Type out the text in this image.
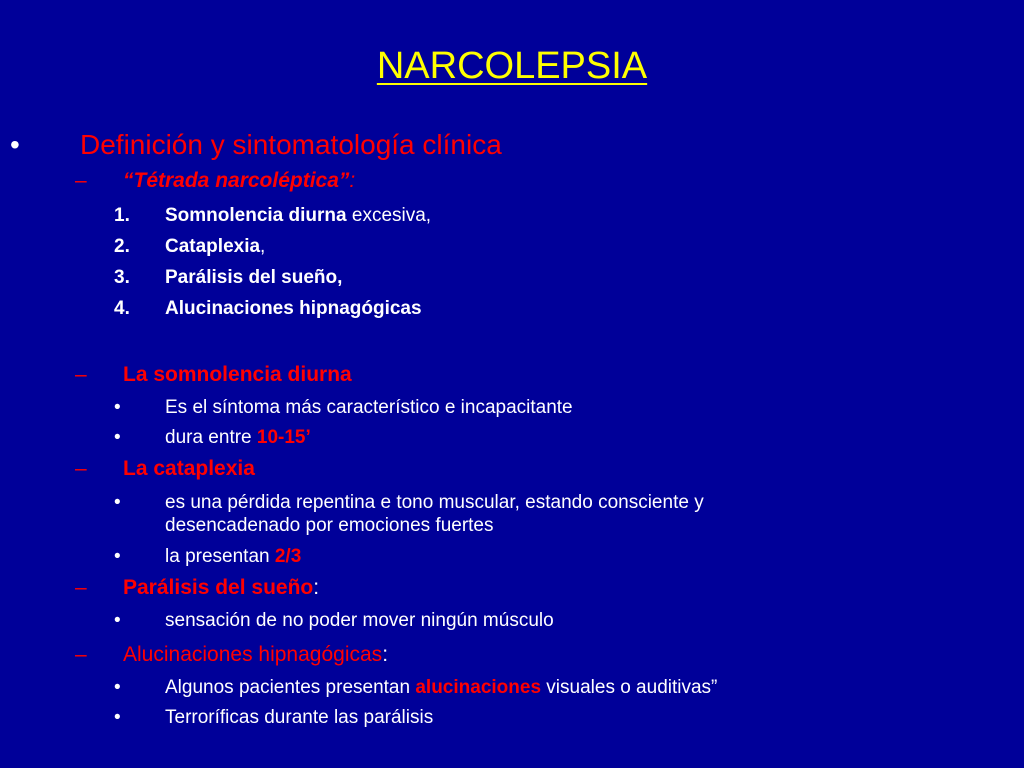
NARCOLEPSIA
• Definición y sintomatología clínica
– “Tétrada narcoléptica”:
1. Somnolencia diurna excesiva,
2. Cataplexia,
3. Parálisis del sueño,
4. Alucinaciones hipnagógicas
– La somnolencia diurna
• Es el síntoma más característico e incapacitante
• dura entre 10-15’
– La cataplexia
• es una pérdida repentina e tono muscular, estando consciente y
desencadenado por emociones fuertes
• la presentan 2/3
– Parálisis del sueño:
• sensación de no poder mover ningún músculo
– Alucinaciones hipnagógicas:
• Algunos pacientes presentan alucinaciones visuales o auditivas”
• Terroríficas durante las parálisis
